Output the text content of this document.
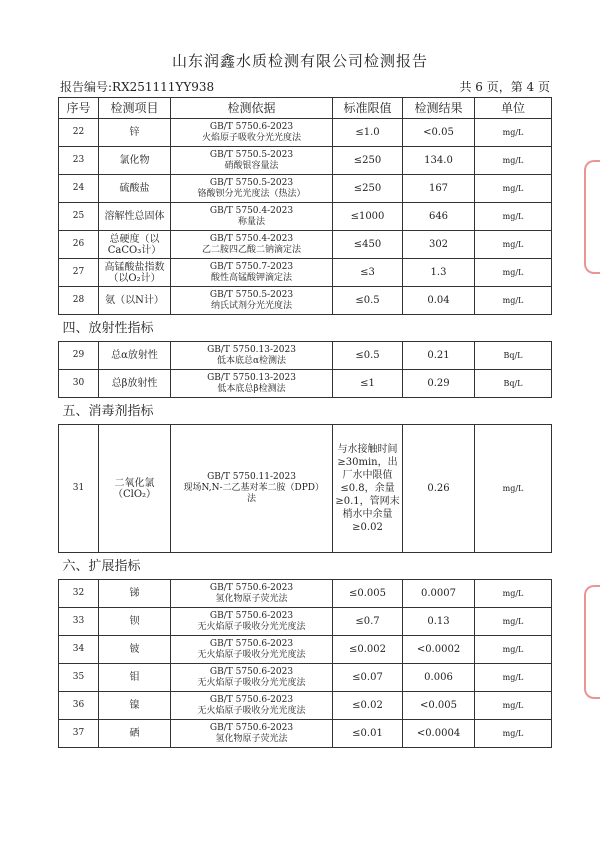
山东润鑫水质检测有限公司检测报告
报告编号:RX251111YY938	共 6 页，第 4 页
序号	检测项目	检测依据	标准限值	检测结果	单位
22	锌	GB/T 5750.6-2023
火焰原子吸收分光光度法	≤1.0	<0.05	mg/L
23	氯化物	GB/T 5750.5-2023
硝酸银容量法	≤250	134.0	mg/L
24	硫酸盐	GB/T 5750.5-2023
铬酸钡分光光度法（热法）	≤250	167	mg/L
25	溶解性总固体	GB/T 5750.4-2023
称量法	≤1000	646	mg/L
26	总硬度（以CaCO₃计）	GB/T 5750.4-2023
乙二胺四乙酸二钠滴定法	≤450	302	mg/L
27	高锰酸盐指数（以O₂计）	GB/T 5750.7-2023
酸性高锰酸钾滴定法	≤3	1.3	mg/L
28	氨（以N计）	GB/T 5750.5-2023
纳氏试剂分光光度法	≤0.5	0.04	mg/L
四、放射性指标					
29	总α放射性	GB/T 5750.13-2023
低本底总α检测法	≤0.5	0.21	Bq/L
30	总β放射性	GB/T 5750.13-2023
低本底总β检测法	≤1	0.29	Bq/L
五、消毒剂指标					
31	二氧化氯（ClO₂）	GB/T 5750.11-2023
现场N,N-二乙基对苯二胺（DPD）法	与水接触时间≥30min，出厂水中限值≤0.8，余量≥0.1，管网末梢水中余量≥0.02	0.26	mg/L
六、扩展指标					
32	锑	GB/T 5750.6-2023
氢化物原子荧光法	≤0.005	0.0007	mg/L
33	钡	GB/T 5750.6-2023
无火焰原子吸收分光光度法	≤0.7	0.13	mg/L
34	铍	GB/T 5750.6-2023
无火焰原子吸收分光光度法	≤0.002	<0.0002	mg/L
35	钼	GB/T 5750.6-2023
无火焰原子吸收分光光度法	≤0.07	0.006	mg/L
36	镍	GB/T 5750.6-2023
无火焰原子吸收分光光度法	≤0.02	<0.005	mg/L
37	硒	GB/T 5750.6-2023
氢化物原子荧光法	≤0.01	<0.0004	mg/L
